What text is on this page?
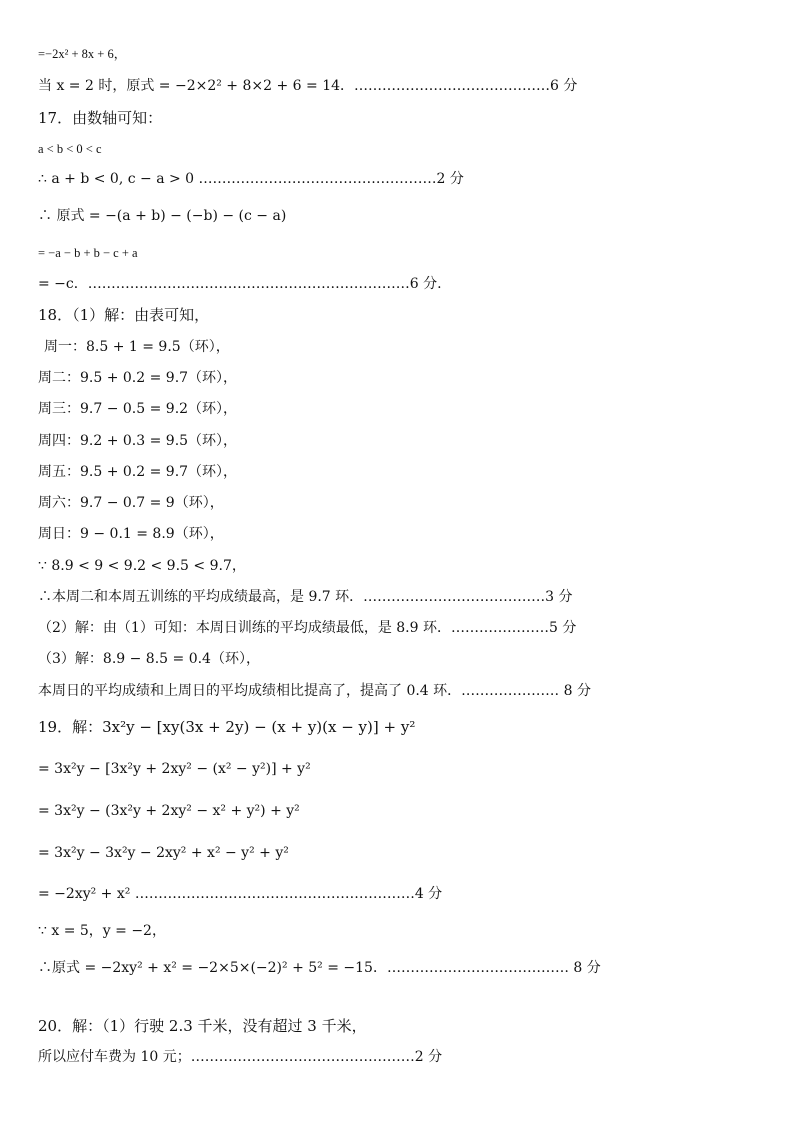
=−2x² + 8x + 6，
当 x = 2 时，原式 = −2×2² + 8×2 + 6 = 14．……………………………………6 分
17．由数轴可知：
a < b < 0 < c
∴ a + b < 0, c − a > 0 ……………………………………………2 分
∴ 原式 = −(a + b) − (−b) − (c − a)
= −a − b + b − c + a
= −c．……………………………………………………………6 分.
18．（1）解：由表可知，
周一：8.5 + 1 = 9.5（环），
周二：9.5 + 0.2 = 9.7（环），
周三：9.7 − 0.5 = 9.2（环），
周四：9.2 + 0.3 = 9.5（环），
周五：9.5 + 0.2 = 9.7（环），
周六：9.7 − 0.7 = 9（环），
周日：9 − 0.1 = 8.9（环），
∵ 8.9 < 9 < 9.2 < 9.5 < 9.7，
∴本周二和本周五训练的平均成绩最高，是 9.7 环．…………………………………3 分
（2）解：由（1）可知：本周日训练的平均成绩最低，是 8.9 环．…………………5 分
（3）解：8.9 − 8.5 = 0.4（环），
本周日的平均成绩和上周日的平均成绩相比提高了，提高了 0.4 环．………………… 8 分
19．解：3x²y − [xy(3x + 2y) − (x + y)(x − y)] + y²
= 3x²y − [3x²y + 2xy² − (x² − y²)] + y²
= 3x²y − (3x²y + 2xy² − x² + y²) + y²
= 3x²y − 3x²y − 2xy² + x² − y² + y²
= −2xy² + x² ……………………………………………………4 分
∵ x = 5，y = −2，
∴原式 = −2xy² + x² = −2×5×(−2)² + 5² = −15．………………………………… 8 分
20．解：（1）行驶 2.3 千米，没有超过 3 千米，
所以应付车费为 10 元；…………………………………………2 分
